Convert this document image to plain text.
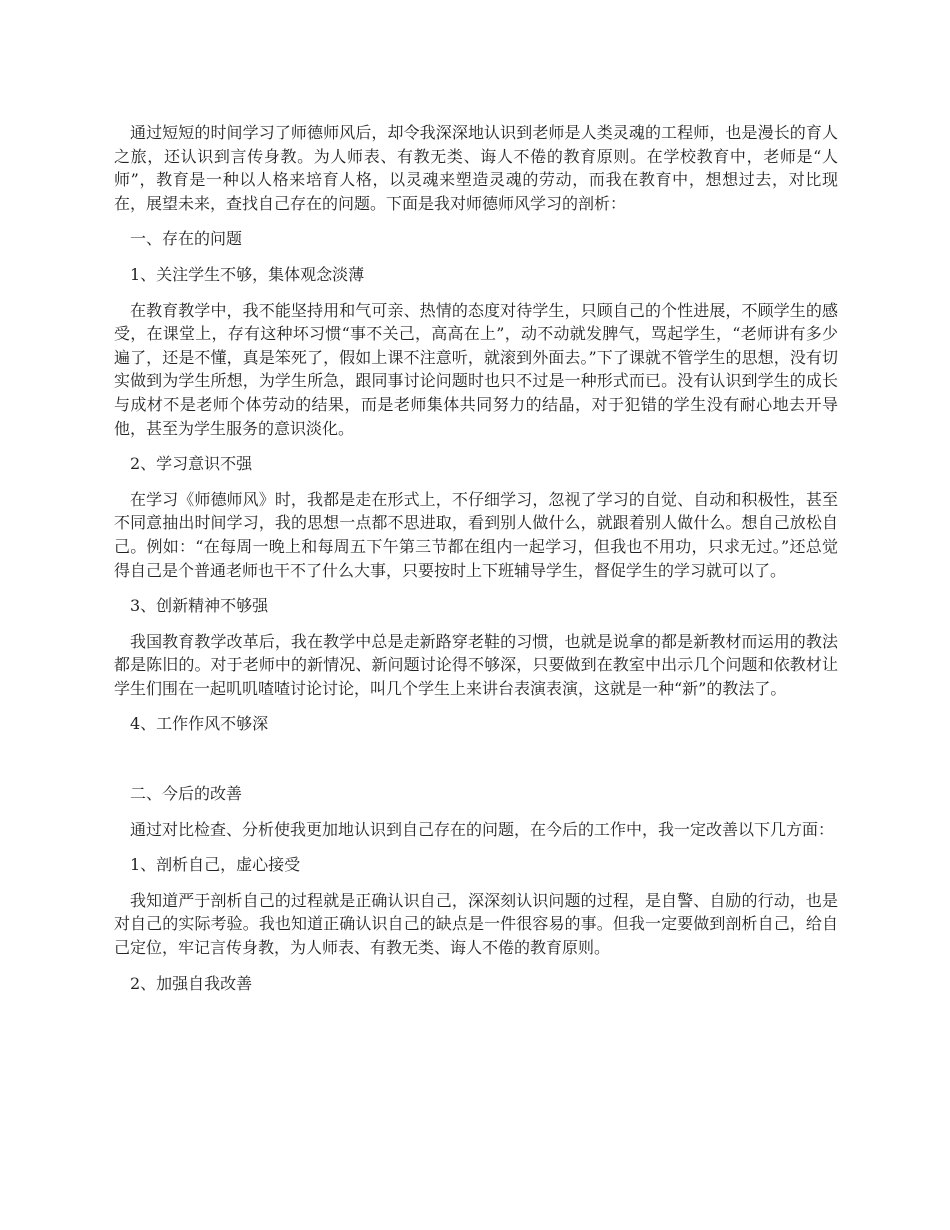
通过短短的时间学习了师德师风后，却令我深深地认识到老师是人类灵魂的工程师，也是漫长的育人之旅，还认识到言传身教。为人师表、有教无类、诲人不倦的教育原则。在学校教育中，老师是“人师”，教育是一种以人格来培育人格，以灵魂来塑造灵魂的劳动，而我在教育中，想想过去，对比现在，展望未来，查找自己存在的问题。下面是我对师德师风学习的剖析：

一、存在的问题

1、关注学生不够，集体观念淡薄

在教育教学中，我不能坚持用和气可亲、热情的态度对待学生，只顾自己的个性进展，不顾学生的感受，在课堂上，存有这种坏习惯“事不关己，高高在上”，动不动就发脾气，骂起学生，“老师讲有多少遍了，还是不懂，真是笨死了，假如上课不注意听，就滚到外面去。”下了课就不管学生的思想，没有切实做到为学生所想，为学生所急，跟同事讨论问题时也只不过是一种形式而已。没有认识到学生的成长与成材不是老师个体劳动的结果，而是老师集体共同努力的结晶，对于犯错的学生没有耐心地去开导他，甚至为学生服务的意识淡化。

2、学习意识不强

在学习《师德师风》时，我都是走在形式上，不仔细学习，忽视了学习的自觉、自动和积极性，甚至不同意抽出时间学习，我的思想一点都不思进取，看到别人做什么，就跟着别人做什么。想自己放松自己。例如：“在每周一晚上和每周五下午第三节都在组内一起学习，但我也不用功，只求无过。”还总觉得自己是个普通老师也干不了什么大事，只要按时上下班辅导学生，督促学生的学习就可以了。

3、创新精神不够强

我国教育教学改革后，我在教学中总是走新路穿老鞋的习惯，也就是说拿的都是新教材而运用的教法都是陈旧的。对于老师中的新情况、新问题讨论得不够深，只要做到在教室中出示几个问题和依教材让学生们围在一起叽叽喳喳讨论讨论，叫几个学生上来讲台表演表演，这就是一种“新”的教法了。

4、工作作风不够深

二、今后的改善

通过对比检查、分析使我更加地认识到自己存在的问题，在今后的工作中，我一定改善以下几方面：

1、剖析自己，虚心接受

我知道严于剖析自己的过程就是正确认识自己，深深刻认识问题的过程，是自警、自励的行动，也是对自己的实际考验。我也知道正确认识自己的缺点是一件很容易的事。但我一定要做到剖析自己，给自己定位，牢记言传身教，为人师表、有教无类、诲人不倦的教育原则。

2、加强自我改善
